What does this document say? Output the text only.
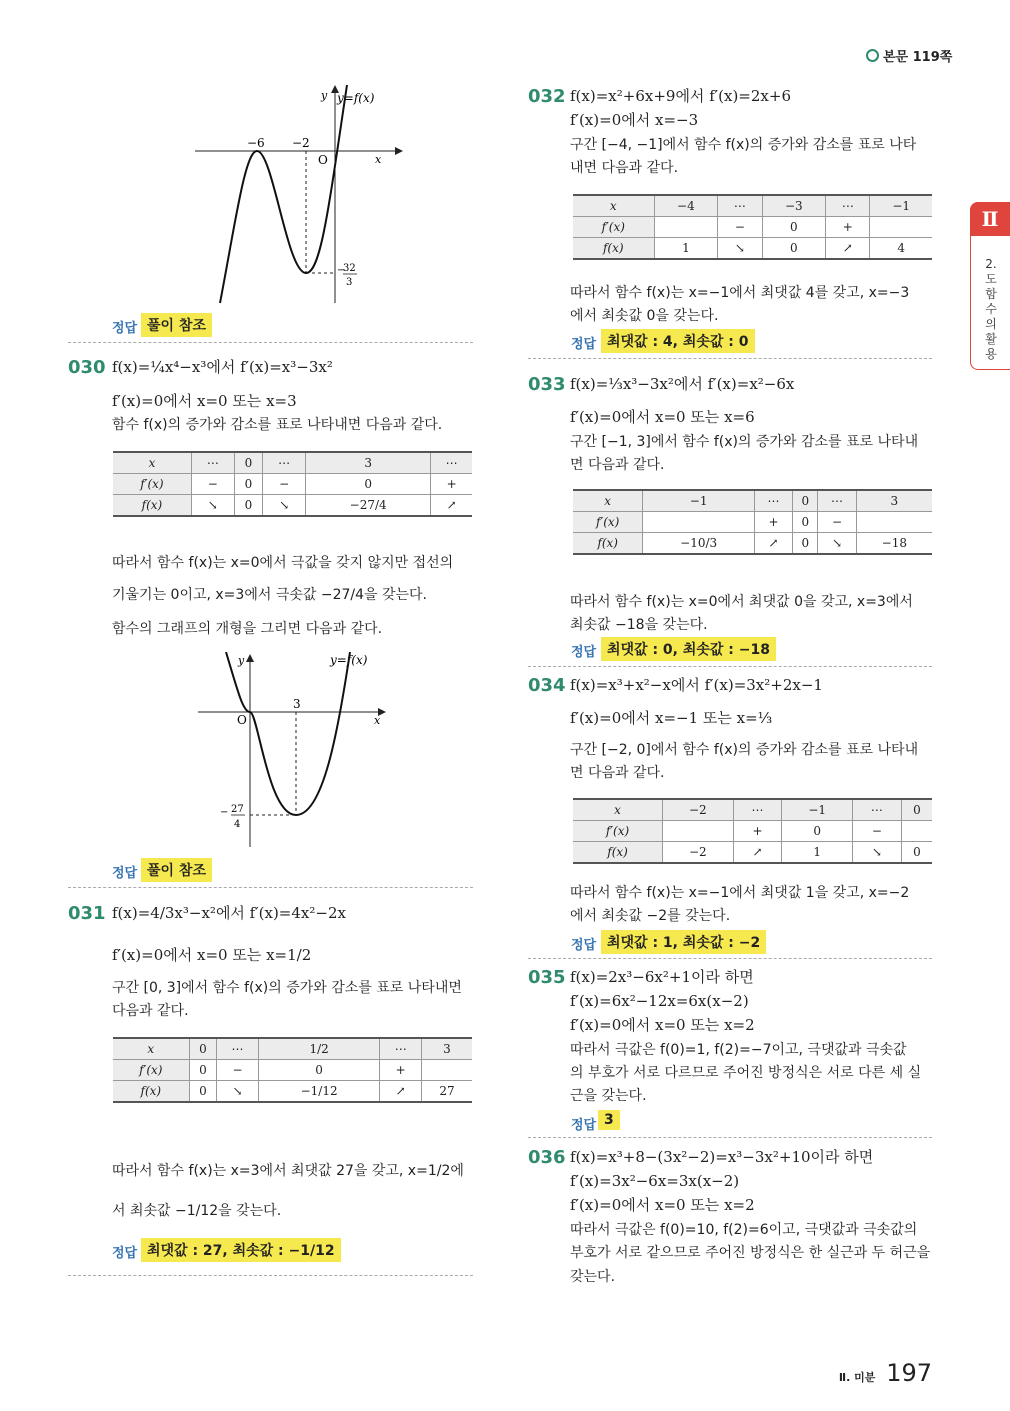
본문 119쪽
Ⅱ
2.
도
함
수
의
활
용
y y=f(x)
x
O
−6 −2
−
32
3
정답 풀이 참조
030 f(x)=¼x⁴−x³에서 f′(x)=x³−3x²
f′(x)=0에서 x=0 또는 x=3
함수 f(x)의 증가와 감소를 표로 나타내면 다음과 같다.
x	⋯	0	⋯	3	⋯
f′(x)	−	0	−	0	+
f(x)	↘	0	↘	−27/4	↗
따라서 함수 f(x)는 x=0에서 극값을 갖지 않지만 접선의
기울기는 0이고, x=3에서 극솟값 −27/4을 갖는다.
함수의 그래프의 개형을 그리면 다음과 같다.
y	y=f(x)
x
O
3
− 27
4
정답 풀이 참조
031 f(x)=4/3x³−x²에서 f′(x)=4x²−2x
f′(x)=0에서 x=0 또는 x=1/2
구간 [0, 3]에서 함수 f(x)의 증가와 감소를 표로 나타내면
다음과 같다.
x	0	⋯	1/2	⋯	3
f′(x)	0	−	0	+	
f(x)	0	↘	−1/12	↗	27
따라서 함수 f(x)는 x=3에서 최댓값 27을 갖고, x=1/2에
서 최솟값 −1/12을 갖는다.
정답 최댓값 : 27, 최솟값 : −1/12
032 f(x)=x²+6x+9에서 f′(x)=2x+6
f′(x)=0에서 x=−3
구간 [−4, −1]에서 함수 f(x)의 증가와 감소를 표로 나타
내면 다음과 같다.
x	−4	⋯	−3	⋯	−1
f′(x)		−	0	+	
f(x)	1	↘	0	↗	4
따라서 함수 f(x)는 x=−1에서 최댓값 4를 갖고, x=−3
에서 최솟값 0을 갖는다.
정답 최댓값 : 4, 최솟값 : 0
033 f(x)=⅓x³−3x²에서 f′(x)=x²−6x
f′(x)=0에서 x=0 또는 x=6
구간 [−1, 3]에서 함수 f(x)의 증가와 감소를 표로 나타내
면 다음과 같다.
x	−1	⋯	0	⋯	3
f′(x)		+	0	−	
f(x)	−10/3	↗	0	↘	−18
따라서 함수 f(x)는 x=0에서 최댓값 0을 갖고, x=3에서
최솟값 −18을 갖는다.
정답 최댓값 : 0, 최솟값 : −18
034 f(x)=x³+x²−x에서 f′(x)=3x²+2x−1
f′(x)=0에서 x=−1 또는 x=⅓
구간 [−2, 0]에서 함수 f(x)의 증가와 감소를 표로 나타내
면 다음과 같다.
x	−2	⋯	−1	⋯	0
f′(x)		+	0	−	
f(x)	−2	↗	1	↘	0
따라서 함수 f(x)는 x=−1에서 최댓값 1을 갖고, x=−2
에서 최솟값 −2를 갖는다.
정답 최댓값 : 1, 최솟값 : −2
035 f(x)=2x³−6x²+1이라 하면
f′(x)=6x²−12x=6x(x−2)
f′(x)=0에서 x=0 또는 x=2
따라서 극값은 f(0)=1, f(2)=−7이고, 극댓값과 극솟값
의 부호가 서로 다르므로 주어진 방정식은 서로 다른 세 실
근을 갖는다.
정답 3
036 f(x)=x³+8−(3x²−2)=x³−3x²+10이라 하면
f′(x)=3x²−6x=3x(x−2)
f′(x)=0에서 x=0 또는 x=2
따라서 극값은 f(0)=10, f(2)=6이고, 극댓값과 극솟값의
부호가 서로 같으므로 주어진 방정식은 한 실근과 두 허근을
갖는다.
Ⅱ. 미분 197
